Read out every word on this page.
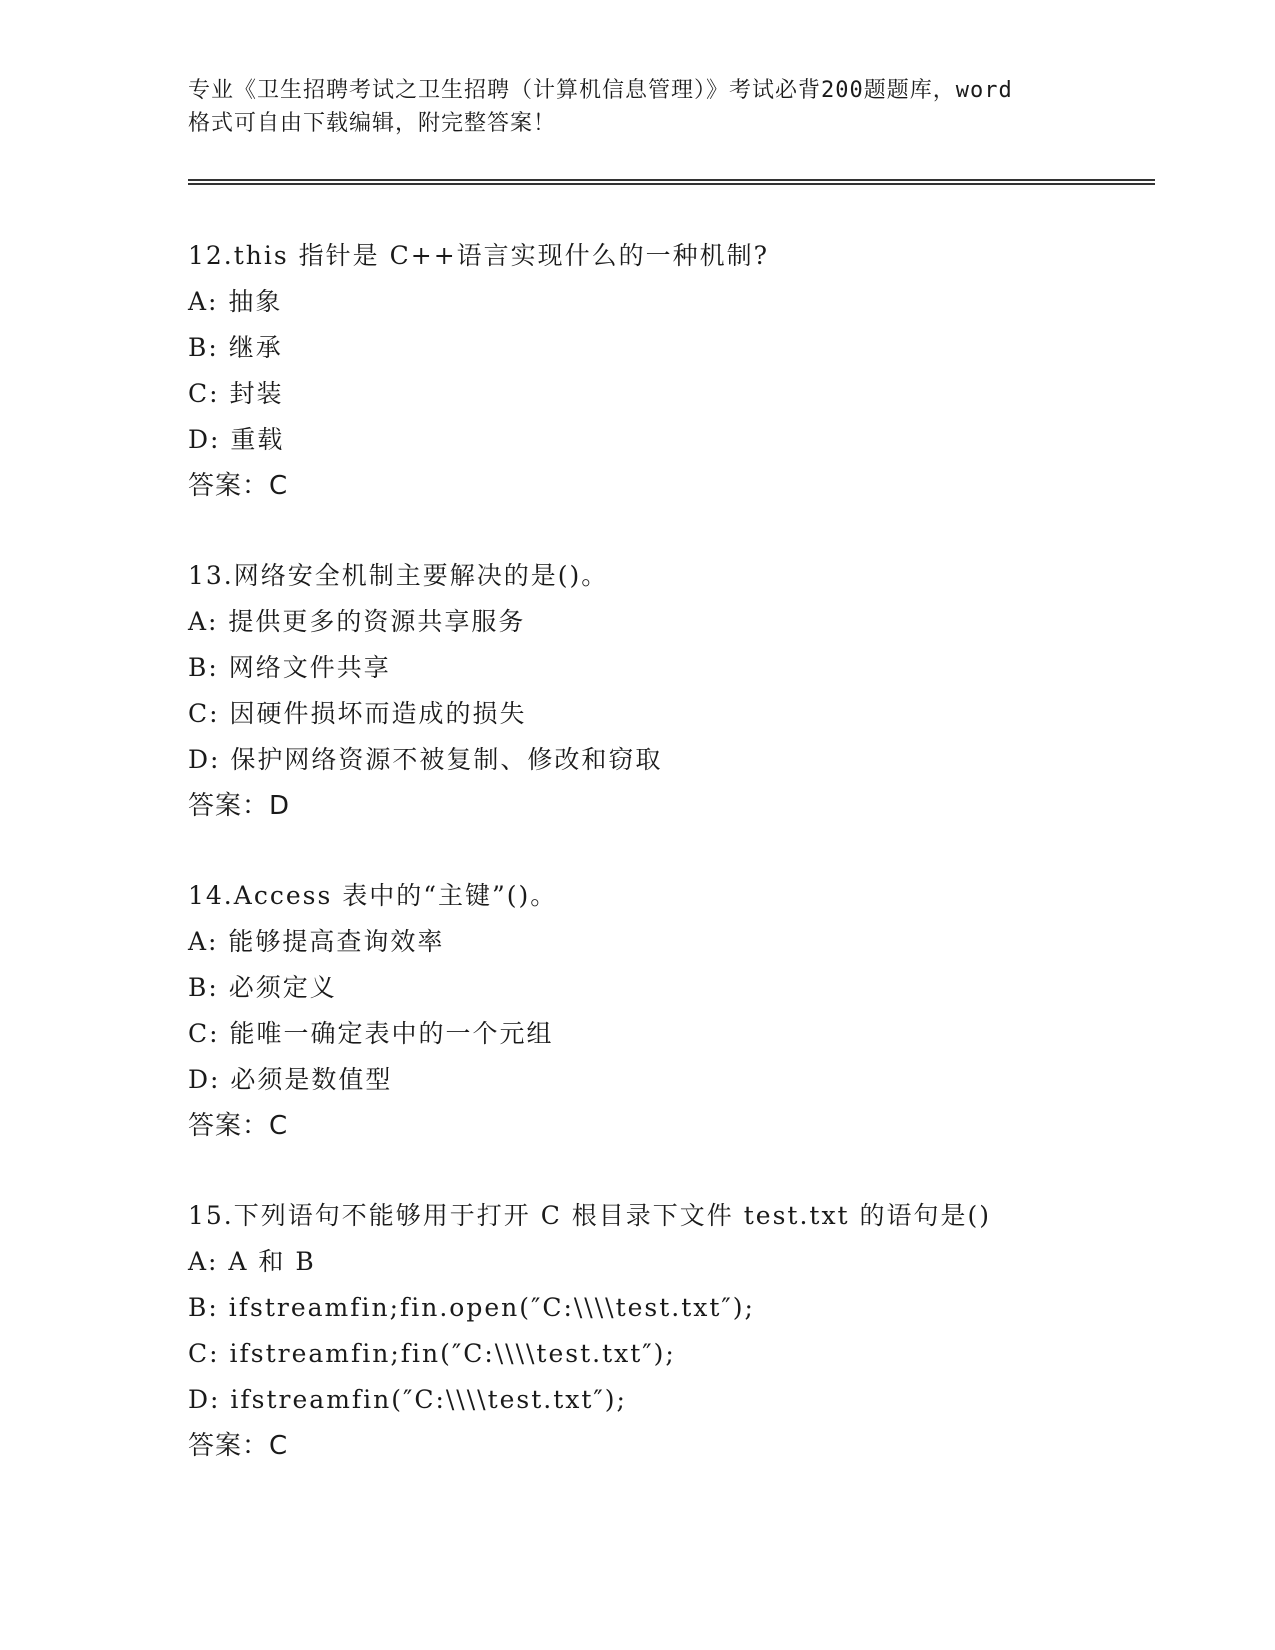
专业《卫生招聘考试之卫生招聘（计算机信息管理）》考试必背200题题库，word
格式可自由下载编辑，附完整答案！
12.this 指针是 C++语言实现什么的一种机制?
A: 抽象
B: 继承
C: 封装
D: 重载
答案：C
13.网络安全机制主要解决的是()。
A: 提供更多的资源共享服务
B: 网络文件共享
C: 因硬件损坏而造成的损失
D: 保护网络资源不被复制、修改和窃取
答案：D
14.Access 表中的“主键”()。
A: 能够提高查询效率
B: 必须定义
C: 能唯一确定表中的一个元组
D: 必须是数值型
答案：C
15.下列语句不能够用于打开 C 根目录下文件 test.txt 的语句是()
A: A 和 B
B: ifstreamfin;fin.open(″C:\\\\test.txt″);
C: ifstreamfin;fin(″C:\\\\test.txt″);
D: ifstreamfin(″C:\\\\test.txt″);
答案：C
